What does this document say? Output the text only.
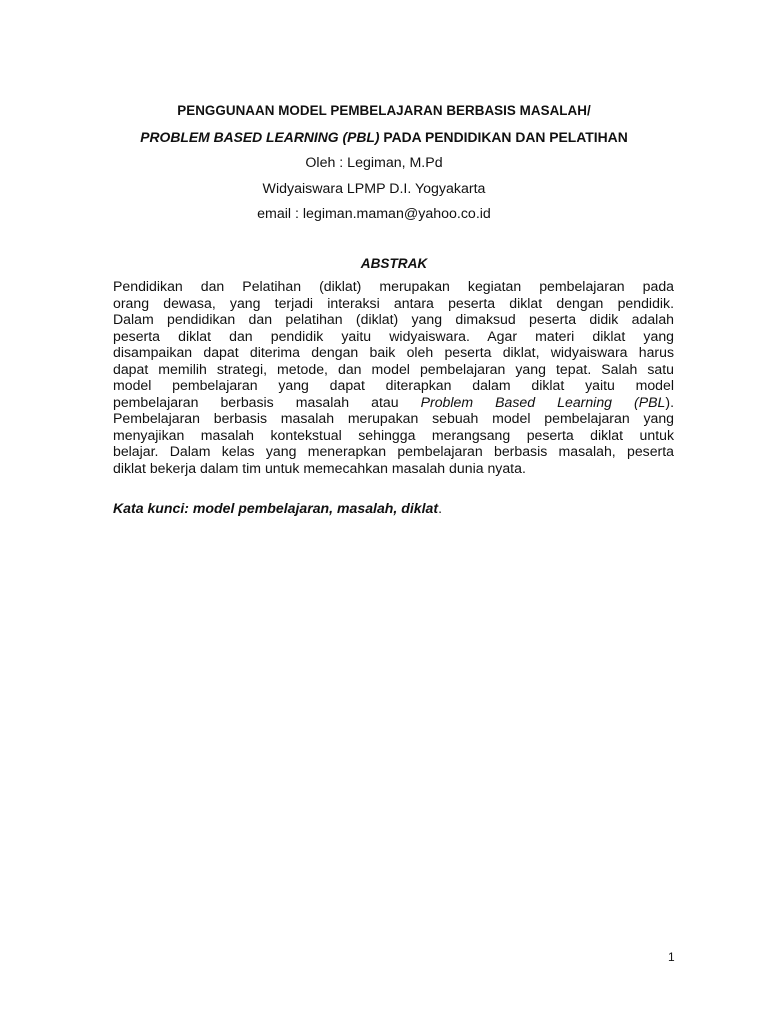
PENGGUNAAN MODEL PEMBELAJARAN BERBASIS MASALAH/
PROBLEM BASED LEARNING (PBL) PADA PENDIDIKAN DAN PELATIHAN
Oleh : Legiman, M.Pd
Widyaiswara LPMP D.I. Yogyakarta
email : legiman.maman@yahoo.co.id
ABSTRAK
Pendidikan dan Pelatihan (diklat) merupakan kegiatan pembelajaran pada
orang dewasa, yang terjadi interaksi antara peserta diklat dengan pendidik.
Dalam pendidikan dan pelatihan (diklat) yang dimaksud peserta didik adalah
peserta diklat dan pendidik yaitu widyaiswara. Agar materi diklat yang
disampaikan dapat diterima dengan baik oleh peserta diklat, widyaiswara harus
dapat memilih strategi, metode, dan model pembelajaran yang tepat. Salah satu
model pembelajaran yang dapat diterapkan dalam diklat yaitu model
pembelajaran berbasis masalah atau Problem Based Learning (PBL).
Pembelajaran berbasis masalah merupakan sebuah model pembelajaran yang
menyajikan masalah kontekstual sehingga merangsang peserta diklat untuk
belajar. Dalam kelas yang menerapkan pembelajaran berbasis masalah, peserta
diklat bekerja dalam tim untuk memecahkan masalah dunia nyata.
Kata kunci: model pembelajaran, masalah, diklat.
1
